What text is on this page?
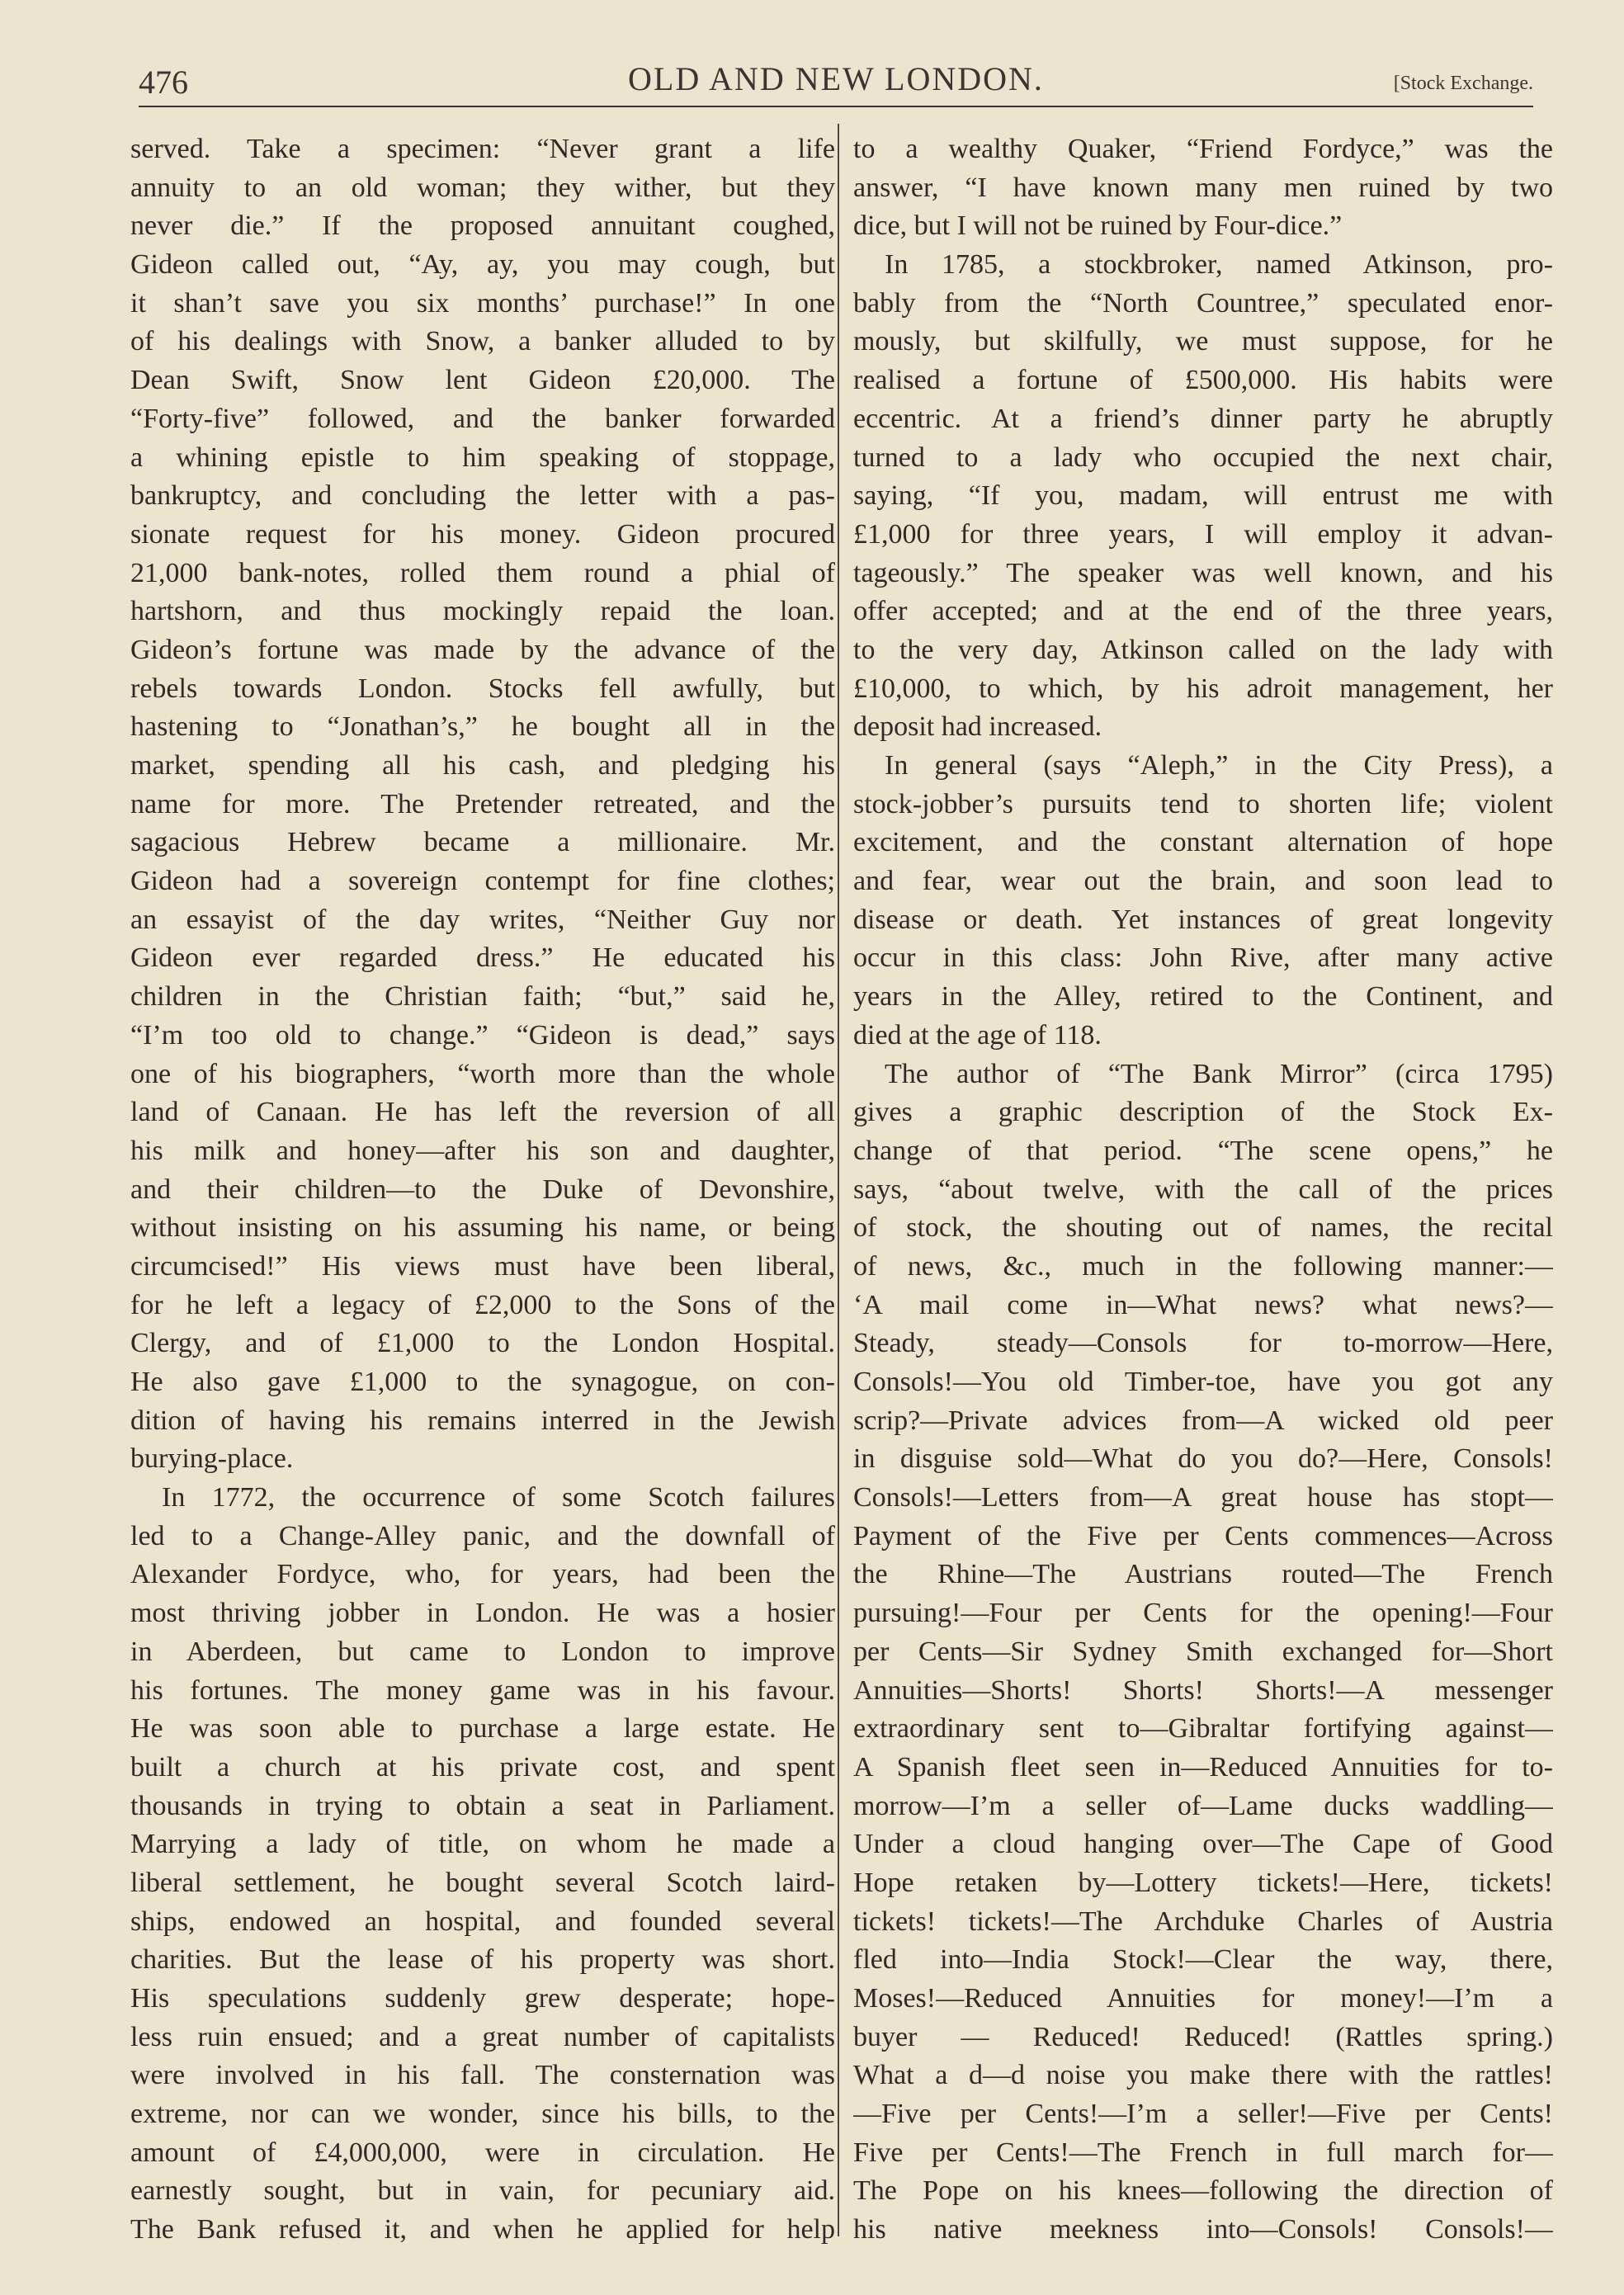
476	OLD AND NEW LONDON.	[Stock Exchange.
served. Take a specimen: “Never grant a life
annuity to an old woman; they wither, but they
never die.” If the proposed annuitant coughed,
Gideon called out, “Ay, ay, you may cough, but
it shan’t save you six months’ purchase!” In one
of his dealings with Snow, a banker alluded to by
Dean Swift, Snow lent Gideon £20,000. The
“Forty-five” followed, and the banker forwarded
a whining epistle to him speaking of stoppage,
bankruptcy, and concluding the letter with a pas-
sionate request for his money. Gideon procured
21,000 bank-notes, rolled them round a phial of
hartshorn, and thus mockingly repaid the loan.
Gideon’s fortune was made by the advance of the
rebels towards London. Stocks fell awfully, but
hastening to “Jonathan’s,” he bought all in the
market, spending all his cash, and pledging his
name for more. The Pretender retreated, and the
sagacious Hebrew became a millionaire. Mr.
Gideon had a sovereign contempt for fine clothes;
an essayist of the day writes, “Neither Guy nor
Gideon ever regarded dress.” He educated his
children in the Christian faith; “but,” said he,
“I’m too old to change.” “Gideon is dead,” says
one of his biographers, “worth more than the whole
land of Canaan. He has left the reversion of all
his milk and honey—after his son and daughter,
and their children—to the Duke of Devonshire,
without insisting on his assuming his name, or being
circumcised!” His views must have been liberal,
for he left a legacy of £2,000 to the Sons of the
Clergy, and of £1,000 to the London Hospital.
He also gave £1,000 to the synagogue, on con-
dition of having his remains interred in the Jewish
burying-place.
In 1772, the occurrence of some Scotch failures
led to a Change-Alley panic, and the downfall of
Alexander Fordyce, who, for years, had been the
most thriving jobber in London. He was a hosier
in Aberdeen, but came to London to improve
his fortunes. The money game was in his favour.
He was soon able to purchase a large estate. He
built a church at his private cost, and spent
thousands in trying to obtain a seat in Parliament.
Marrying a lady of title, on whom he made a
liberal settlement, he bought several Scotch laird-
ships, endowed an hospital, and founded several
charities. But the lease of his property was short.
His speculations suddenly grew desperate; hope-
less ruin ensued; and a great number of capitalists
were involved in his fall. The consternation was
extreme, nor can we wonder, since his bills, to the
amount of £4,000,000, were in circulation. He
earnestly sought, but in vain, for pecuniary aid.
The Bank refused it, and when he applied for help
to a wealthy Quaker, “Friend Fordyce,” was the
answer, “I have known many men ruined by two
dice, but I will not be ruined by Four-dice.”
In 1785, a stockbroker, named Atkinson, pro-
bably from the “North Countree,” speculated enor-
mously, but skilfully, we must suppose, for he
realised a fortune of £500,000. His habits were
eccentric. At a friend’s dinner party he abruptly
turned to a lady who occupied the next chair,
saying, “If you, madam, will entrust me with
£1,000 for three years, I will employ it advan-
tageously.” The speaker was well known, and his
offer accepted; and at the end of the three years,
to the very day, Atkinson called on the lady with
£10,000, to which, by his adroit management, her
deposit had increased.
In general (says “Aleph,” in the City Press), a
stock-jobber’s pursuits tend to shorten life; violent
excitement, and the constant alternation of hope
and fear, wear out the brain, and soon lead to
disease or death. Yet instances of great longevity
occur in this class: John Rive, after many active
years in the Alley, retired to the Continent, and
died at the age of 118.
The author of “The Bank Mirror” (circa 1795)
gives a graphic description of the Stock Ex-
change of that period. “The scene opens,” he
says, “about twelve, with the call of the prices
of stock, the shouting out of names, the recital
of news, &c., much in the following manner:—
‘A mail come in—What news? what news?—
Steady, steady—Consols for to-morrow—Here,
Consols!—You old Timber-toe, have you got any
scrip?—Private advices from—A wicked old peer
in disguise sold—What do you do?—Here, Consols!
Consols!—Letters from—A great house has stopt—
Payment of the Five per Cents commences—Across
the Rhine—The Austrians routed—The French
pursuing!—Four per Cents for the opening!—Four
per Cents—Sir Sydney Smith exchanged for—Short
Annuities—Shorts! Shorts! Shorts!—A messenger
extraordinary sent to—Gibraltar fortifying against—
A Spanish fleet seen in—Reduced Annuities for to-
morrow—I’m a seller of—Lame ducks waddling—
Under a cloud hanging over—The Cape of Good
Hope retaken by—Lottery tickets!—Here, tickets!
tickets! tickets!—The Archduke Charles of Austria
fled into—India Stock!—Clear the way, there,
Moses!—Reduced Annuities for money!—I’m a
buyer — Reduced! Reduced! (Rattles spring.)
What a d—d noise you make there with the rattles!
—Five per Cents!—I’m a seller!—Five per Cents!
Five per Cents!—The French in full march for—
The Pope on his knees—following the direction of
his native meekness into—Consols! Consols!—
